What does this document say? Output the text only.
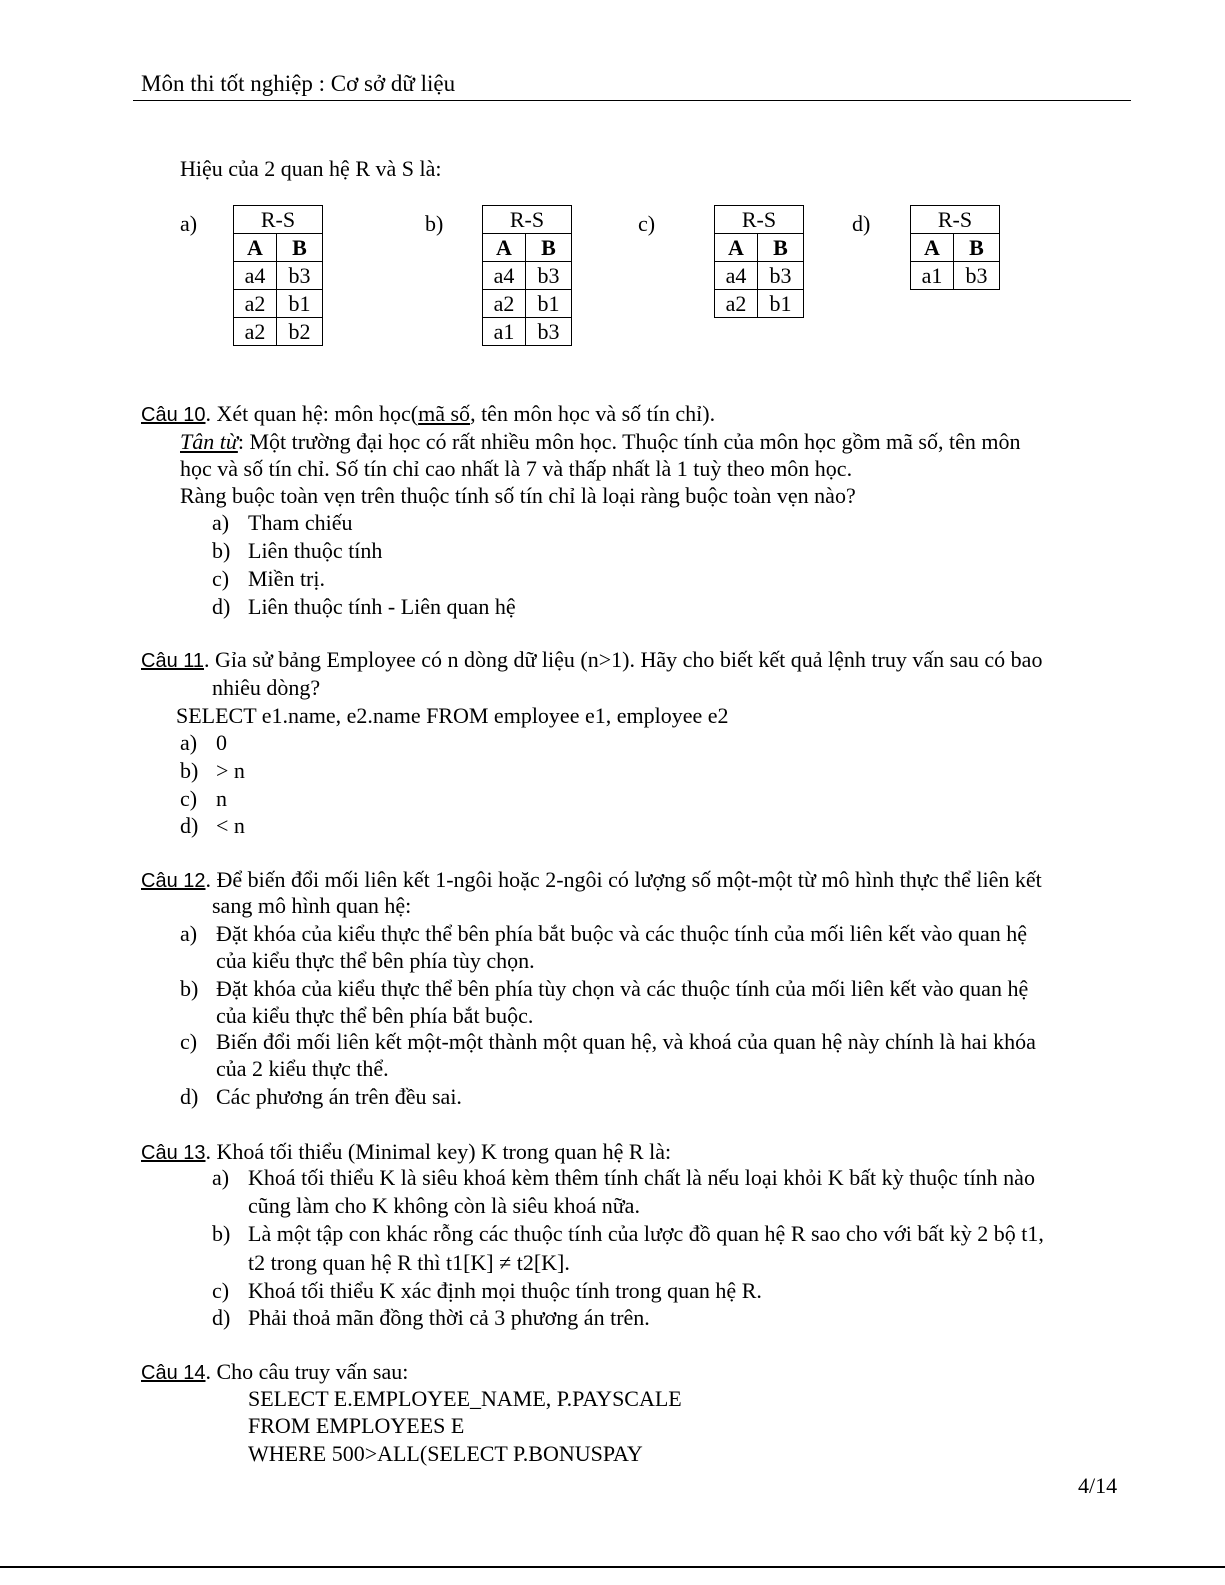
Môn thi tốt nghiệp : Cơ sở dữ liệu
Hiệu của 2 quan hệ R và S là:
a)	b)	c)	d)
R-S	
A	B
a4	b3
a2	b1
a2	b2
R-S	
A	B
a4	b3
a2	b1
a1	b3
R-S	
A	B
a4	b3
a2	b1
R-S	
A	B
a1	b3
Câu 10. Xét quan hệ: môn học(mã số, tên môn học và số tín chỉ).
Tân từ: Một trường đại học có rất nhiều môn học. Thuộc tính của môn học gồm mã số, tên môn
học và số tín chỉ. Số tín chỉ cao nhất là 7 và thấp nhất là 1 tuỳ theo môn học.
Ràng buộc toàn vẹn trên thuộc tính số tín chỉ là loại ràng buộc toàn vẹn nào?
a) Tham chiếu
b) Liên thuộc tính
c) Miền trị.
d) Liên thuộc tính - Liên quan hệ
Câu 11. Gỉa sử bảng Employee có n dòng dữ liệu (n>1). Hãy cho biết kết quả lệnh truy vấn sau có bao
nhiêu dòng?
SELECT e1.name, e2.name FROM employee e1, employee e2
a) 0
b) > n
c) n
d) < n
Câu 12. Để biến đổi mối liên kết 1-ngôi hoặc 2-ngôi có lượng số một-một từ mô hình thực thể liên kết
sang mô hình quan hệ:
a) Đặt khóa của kiểu thực thể bên phía bắt buộc và các thuộc tính của mối liên kết vào quan hệ
của kiểu thực thể bên phía tùy chọn.
b) Đặt khóa của kiểu thực thể bên phía tùy chọn và các thuộc tính của mối liên kết vào quan hệ
của kiểu thực thể bên phía bắt buộc.
c) Biến đổi mối liên kết một-một thành một quan hệ, và khoá của quan hệ này chính là hai khóa
của 2 kiểu thực thể.
d) Các phương án trên đều sai.
Câu 13. Khoá tối thiểu (Minimal key) K trong quan hệ R là:
a) Khoá tối thiểu K là siêu khoá kèm thêm tính chất là nếu loại khỏi K bất kỳ thuộc tính nào
cũng làm cho K không còn là siêu khoá nữa.
b) Là một tập con khác rỗng các thuộc tính của lược đồ quan hệ R sao cho với bất kỳ 2 bộ t1,
t2 trong quan hệ R thì t1[K] ≠ t2[K].
c) Khoá tối thiểu K xác định mọi thuộc tính trong quan hệ R.
d) Phải thoả mãn đồng thời cả 3 phương án trên.
Câu 14. Cho câu truy vấn sau:
SELECT E.EMPLOYEE_NAME, P.PAYSCALE
FROM EMPLOYEES E
WHERE 500>ALL(SELECT P.BONUSPAY
4/14
